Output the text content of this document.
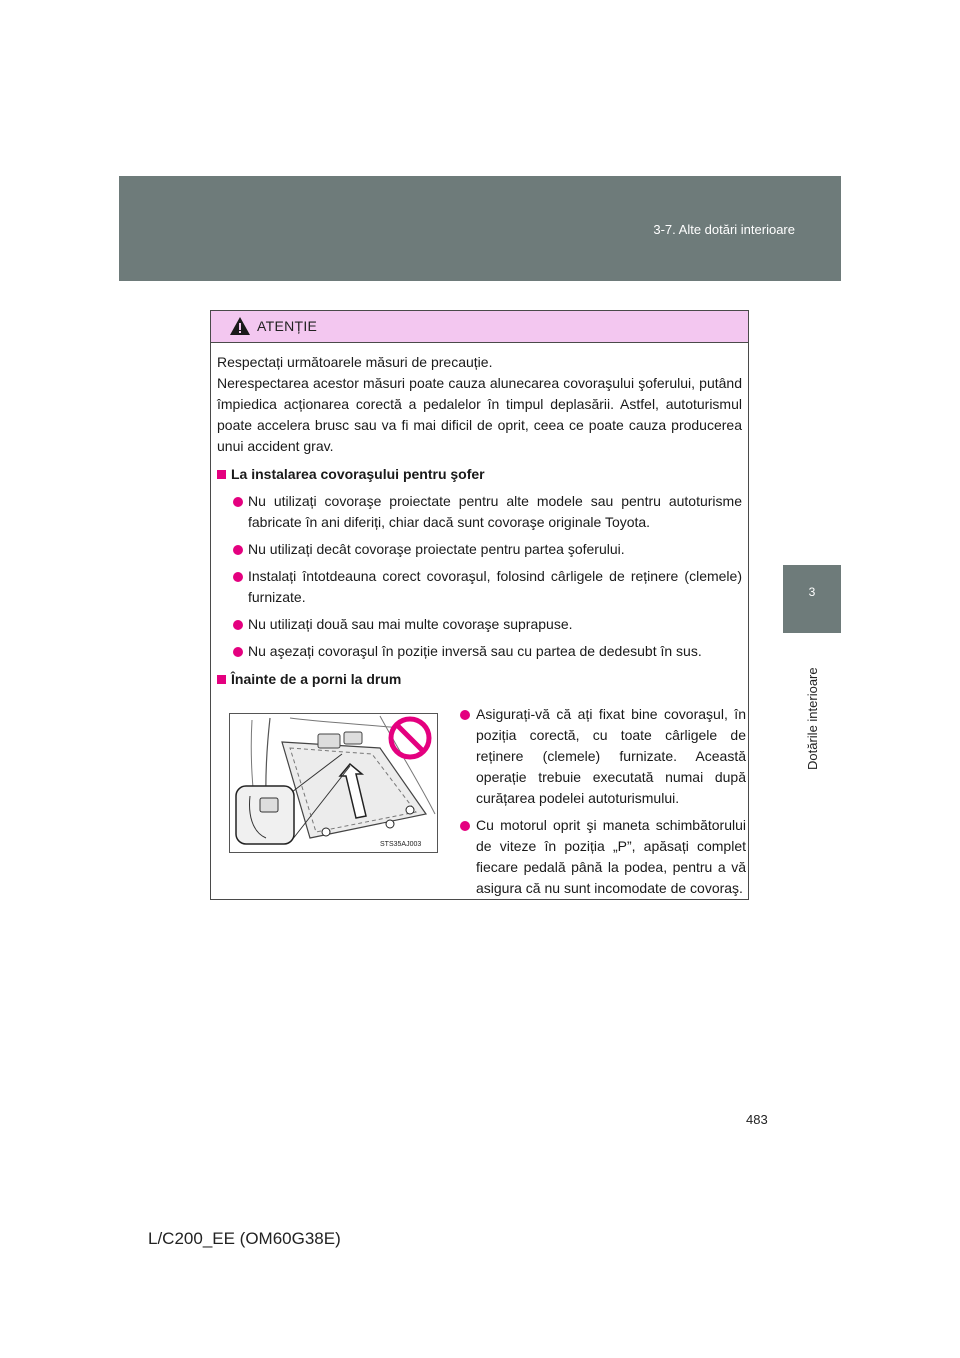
3-7. Alte dotări interioare
3
Dotările interioare
ATENȚIE

Respectați următoarele măsuri de precauție.

Nerespectarea acestor măsuri poate cauza alunecarea covoraşului şoferului, putând împiedica acționarea corectă a pedalelor în timpul deplasării. Astfel, autoturismul poate accelera brusc sau va fi mai dificil de oprit, ceea ce poate cauza producerea unui accident grav.

La instalarea covoraşului pentru şofer
Nu utilizați covoraşe proiectate pentru alte modele sau pentru autoturisme fabricate în ani diferiți, chiar dacă sunt covoraşe originale Toyota.
Nu utilizați decât covoraşe proiectate pentru partea şoferului.
Instalați întotdeauna corect covoraşul, folosind cârligele de reținere (clemele) furnizate.
Nu utilizați două sau mai multe covoraşe suprapuse.
Nu aşezați covoraşul în poziție inversă sau cu partea de dedesubt în sus.
Înainte de a porni la drum
STS35AJ003
Asigurați-vă că ați fixat bine covoraşul, în poziția corectă, cu toate cârligele de reținere (clemele) furnizate. Această operație trebuie executată numai după curățarea podelei autoturismului.
Cu motorul oprit şi maneta schimbătorului de viteze în poziția „P”, apăsați complet fiecare pedală până la podea, pentru a vă asigura că nu sunt incomodate de covoraş.
483
L/C200_EE (OM60G38E)
